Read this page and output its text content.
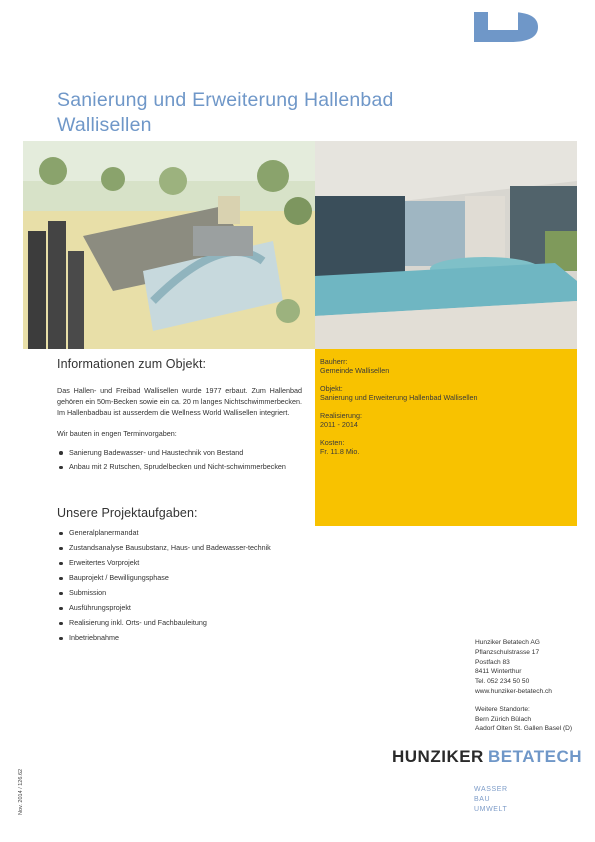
Sanierung und Erweiterung Hallenbad Wallisellen
Informationen zum Objekt:

Das Hallen- und Freibad Wallisellen wurde 1977 erbaut. Zum Hallenbad gehören ein 50m-Becken sowie ein ca. 20 m langes Nichtschwimmerbecken. Im Hallenbadbau ist ausserdem die Wellness World Wallisellen integriert.

Wir bauten in engen Terminvorgaben:

Sanierung Badewasser- und Haustechnik von Bestand
Anbau mit 2 Rutschen, Sprudelbecken und Nicht-schwimmerbecken
Unsere Projektaufgaben:
Generalplanermandat
Zustandsanalyse Bausubstanz, Haus- und Badewasser-technik
Erweitertes Vorprojekt
Bauprojekt / Bewilligungsphase
Submission
Ausführungsprojekt
Realisierung inkl. Orts- und Fachbauleitung
Inbetriebnahme
Bauherr:
Gemeinde Wallisellen
Objekt:
Sanierung und Erweiterung Hallenbad Wallisellen
Realisierung:
2011 - 2014
Kosten:
Fr. 11.8 Mio.
Hunziker Betatech AG
Pflanzschulstrasse 17
Postfach 83
8411 Winterthur
Tel. 052 234 50 50
www.hunziker-betatech.ch
Weitere Standorte:
Bern Zürich Bülach
Aadorf Olten St. Gallen Basel (D)
HUNZIKER BETATECH
WASSER
BAU
UMWELT
Nov. 2014 / 126.62
